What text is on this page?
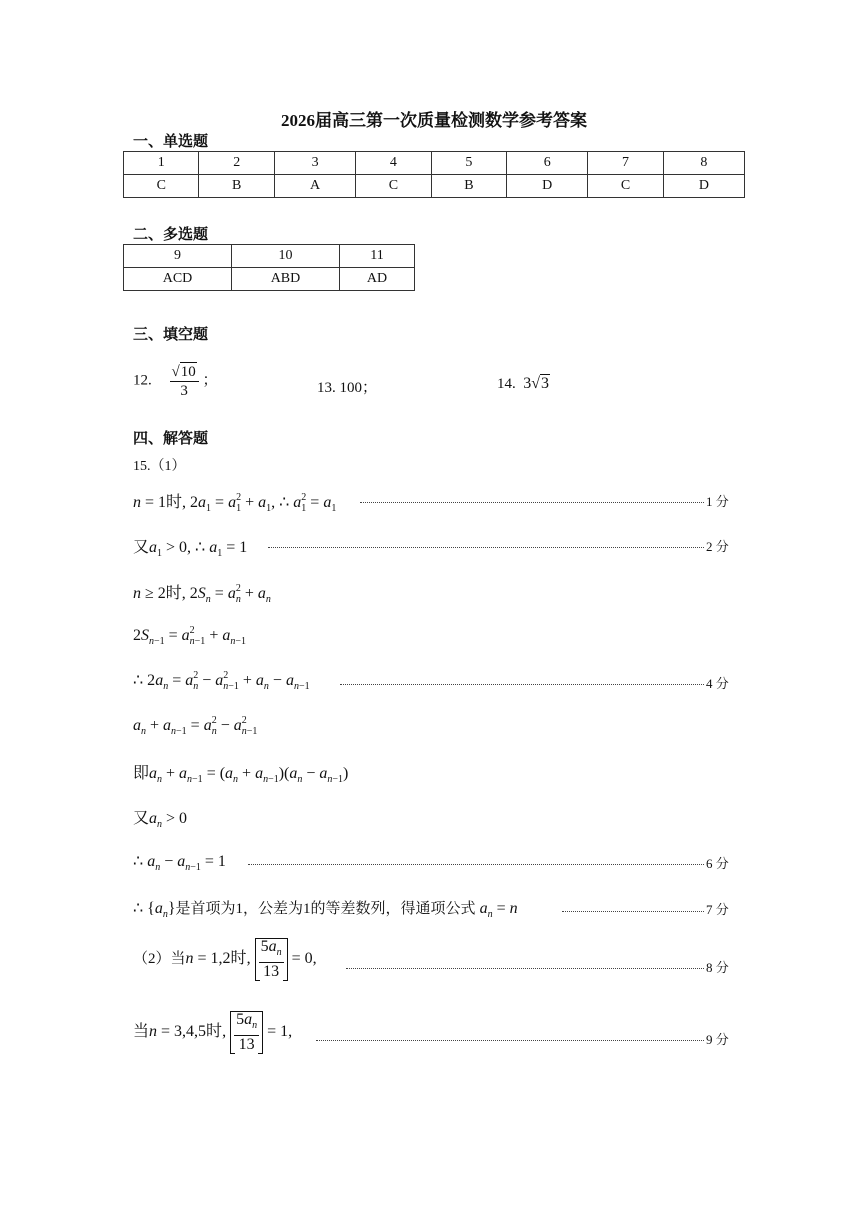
2026届高三第一次质量检测数学参考答案
一、单选题
1	2	3	4	5	6	7	8
C	B	A	C	B	D	C	D
二、多选题
9	10	11
ACD	ABD	AD
三、填空题
12. $\frac{√10}{3}$ ；	13. 100；	14. 3√3
四、解答题
15.（1）
n = 1时, $2a_1 = a^2_1 + a_1$, ∴ $a^2_1 = a_1$	1 分
又$a_1 > 0$, ∴ $a_1 = 1$	2 分
n ≥ 2时, $2S_n = a^2_n + a_n$
$2S_{n-1} = a^2_{n-1} + a_{n-1}$
∴ $2a_n = a^2_n - a^2_{n-1} + a_n - a_{n-1}$	4 分
$a_n + a_{n-1} = a^2_n - a^2_{n-1}$
即$a_n + a_{n-1} = (a_n + a_{n-1})(a_n - a_{n-1})$
又$a_n > 0$
∴ $a_n - a_{n-1} = 1$	6 分
∴ $\{a_n\}$是首项为1，公差为1的等差数列，得通项公式 $a_n = n$	7 分
（2）当n = 1,2时, $\frac{5a_n}{13} = 0$,
8 分
当n = 3,4,5时, $\frac{5a_n}{13} = 1$,	9 分
